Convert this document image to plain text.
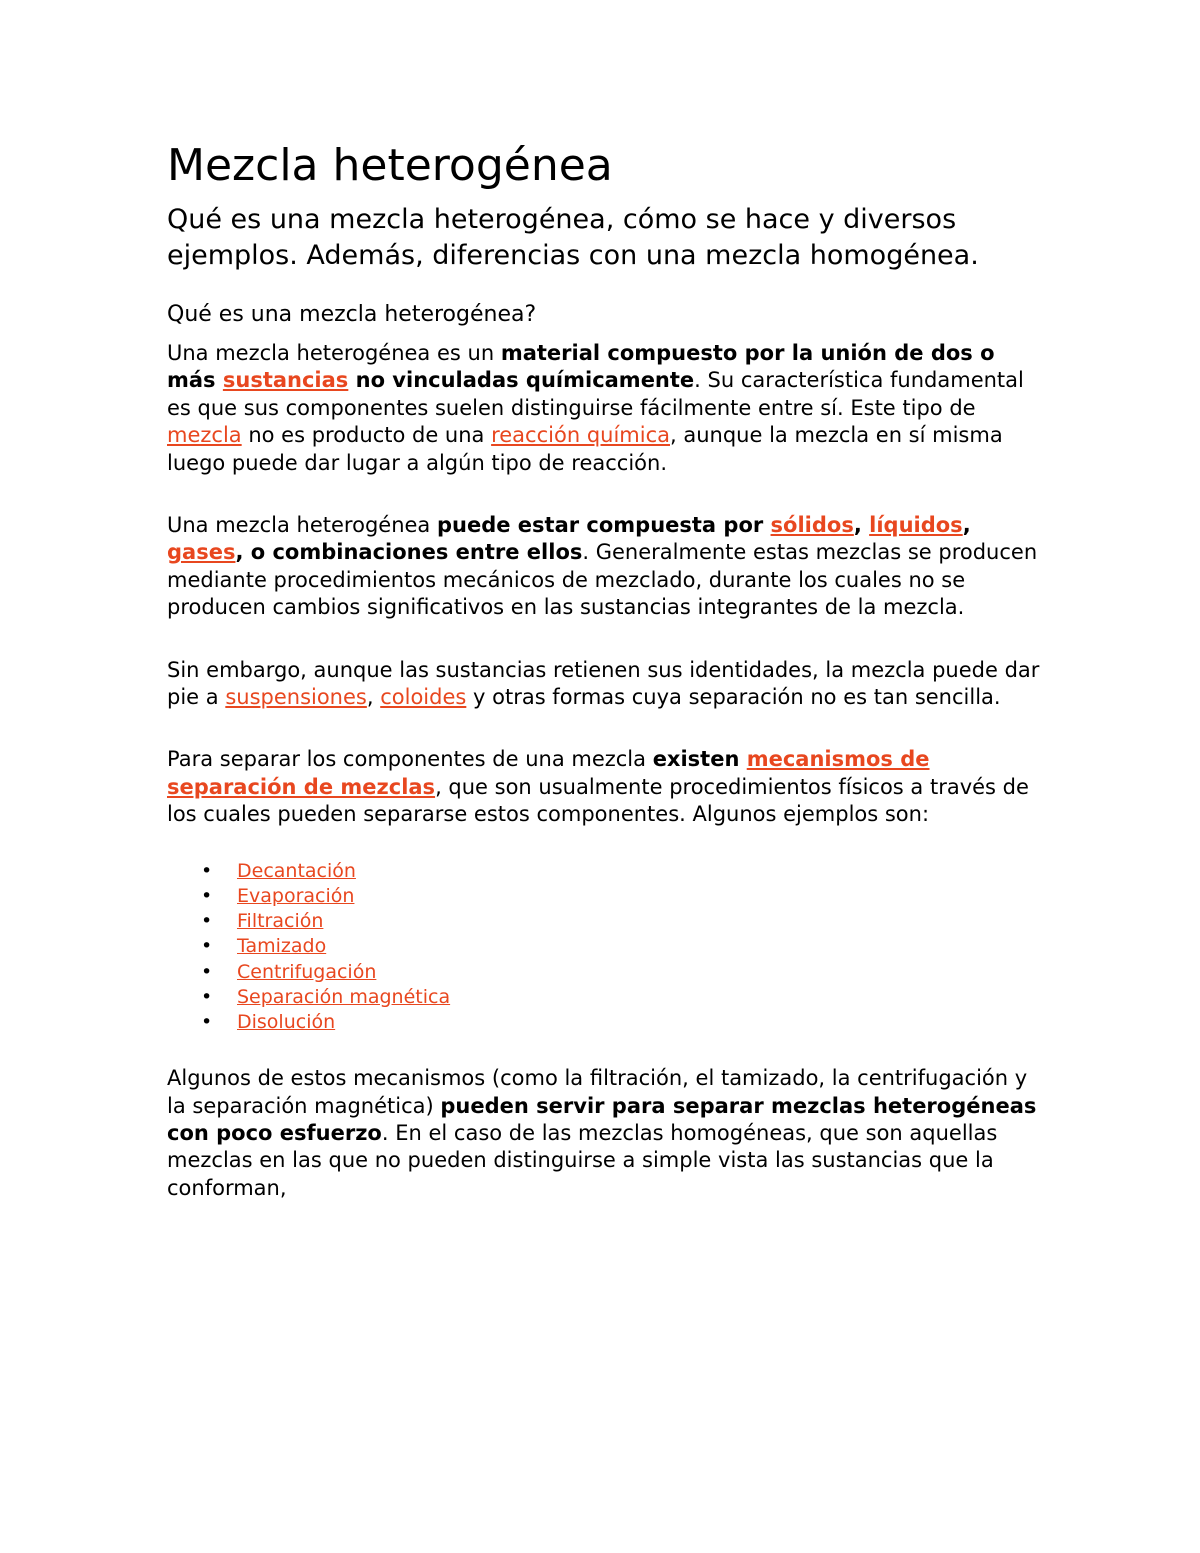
Mezcla heterogénea
Qué es una mezcla heterogénea, cómo se hace y diversos ejemplos. Además, diferencias con una mezcla homogénea.
Qué es una mezcla heterogénea?

Una mezcla heterogénea es un material compuesto por la unión de dos o más sustancias no vinculadas químicamente. Su característica fundamental es que sus componentes suelen distinguirse fácilmente entre sí. Este tipo de mezcla no es producto de una reacción química, aunque la mezcla en sí misma luego puede dar lugar a algún tipo de reacción.

Una mezcla heterogénea puede estar compuesta por sólidos, líquidos, gases, o combinaciones entre ellos. Generalmente estas mezclas se producen mediante procedimientos mecánicos de mezclado, durante los cuales no se producen cambios significativos en las sustancias integrantes de la mezcla.

Sin embargo, aunque las sustancias retienen sus identidades, la mezcla puede dar pie a suspensiones, coloides y otras formas cuya separación no es tan sencilla.

Para separar los componentes de una mezcla existen mecanismos de separación de mezclas, que son usualmente procedimientos físicos a través de los cuales pueden separarse estos componentes. Algunos ejemplos son:

• Decantación
• Evaporación
• Filtración
• Tamizado
• Centrifugación
• Separación magnética
• Disolución

Algunos de estos mecanismos (como la filtración, el tamizado, la centrifugación y la separación magnética) pueden servir para separar mezclas heterogéneas con poco esfuerzo. En el caso de las mezclas homogéneas, que son aquellas mezclas en las que no pueden distinguirse a simple vista las sustancias que la conforman,
